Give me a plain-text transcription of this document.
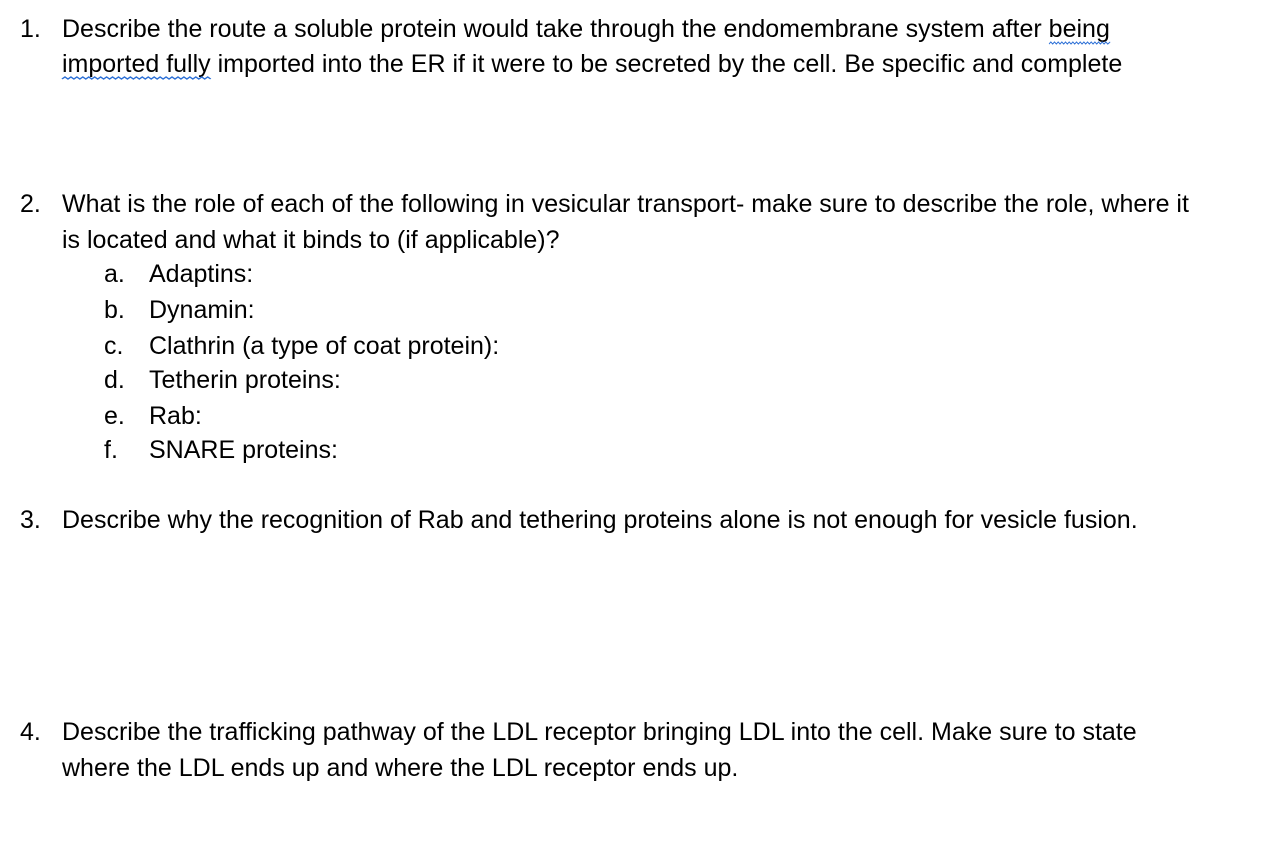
1. Describe the route a soluble protein would take through the endomembrane system after being

imported fully
imported into the ER if it were to be secreted by the cell. Be specific and complete

2. What is the role of each of the following in vesicular transport- make sure to describe the role, where it

is located and what it binds to (if applicable)?

a. Adaptins:
b. Dynamin:
c. Clathrin (a type of coat protein):
d. Tetherin proteins:
e. Rab:
f. SNARE proteins:
3. Describe why the recognition of Rab and tethering proteins alone is not enough for vesicle fusion.

4. Describe the trafficking pathway of the LDL receptor bringing LDL into the cell. Make sure to state

where the LDL ends up and where the LDL receptor ends up.
